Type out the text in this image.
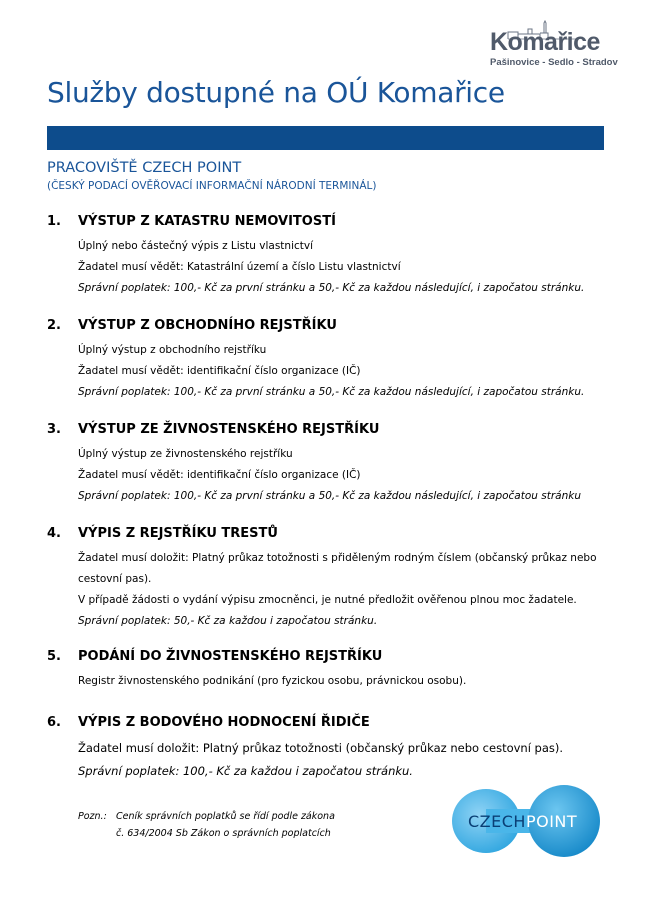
Komařice
Pašinovice - Sedlo - Stradov
Služby dostupné na OÚ Komařice
PRACOVIŠTĚ CZECH POINT
(ČESKÝ PODACÍ OVĚŘOVACÍ INFORMAČNÍ NÁRODNÍ TERMINÁL)
1.	VÝSTUP Z KATASTRU NEMOVITOSTÍ
Úplný nebo částečný výpis z Listu vlastnictví
Žadatel musí vědět: Katastrální území a číslo Listu vlastnictví
Správní poplatek: 100,- Kč za první stránku a 50,- Kč za každou následující, i započatou stránku.
2.	VÝSTUP Z OBCHODNÍHO REJSTŘÍKU
Úplný výstup z obchodního rejstříku
Žadatel musí vědět: identifikační číslo organizace (IČ)
Správní poplatek: 100,- Kč za první stránku a 50,- Kč za každou následující, i započatou stránku.
3.	VÝSTUP ZE ŽIVNOSTENSKÉHO REJSTŘÍKU
Úplný výstup ze živnostenského rejstříku
Žadatel musí vědět: identifikační číslo organizace (IČ)
Správní poplatek: 100,- Kč za první stránku a 50,- Kč za každou následující, i započatou stránku
4.	VÝPIS Z REJSTŘÍKU TRESTŮ
Žadatel musí doložit: Platný průkaz totožnosti s přiděleným rodným číslem (občanský průkaz nebo
cestovní pas).
V případě žádosti o vydání výpisu zmocněnci, je nutné předložit ověřenou plnou moc žadatele.
Správní poplatek: 50,- Kč za každou i započatou stránku.
5.	PODÁNÍ DO ŽIVNOSTENSKÉHO REJSTŘÍKU
Registr živnostenského podnikání (pro fyzickou osobu, právnickou osobu).
6.	VÝPIS Z BODOVÉHO HODNOCENÍ ŘIDIČE
Žadatel musí doložit: Platný průkaz totožnosti (občanský průkaz nebo cestovní pas).
Správní poplatek: 100,- Kč za každou i započatou stránku.
Pozn.: Ceník správních poplatků se řídí podle zákona
č. 634/2004 Sb Zákon o správních poplatcích
CZECHPOINT
